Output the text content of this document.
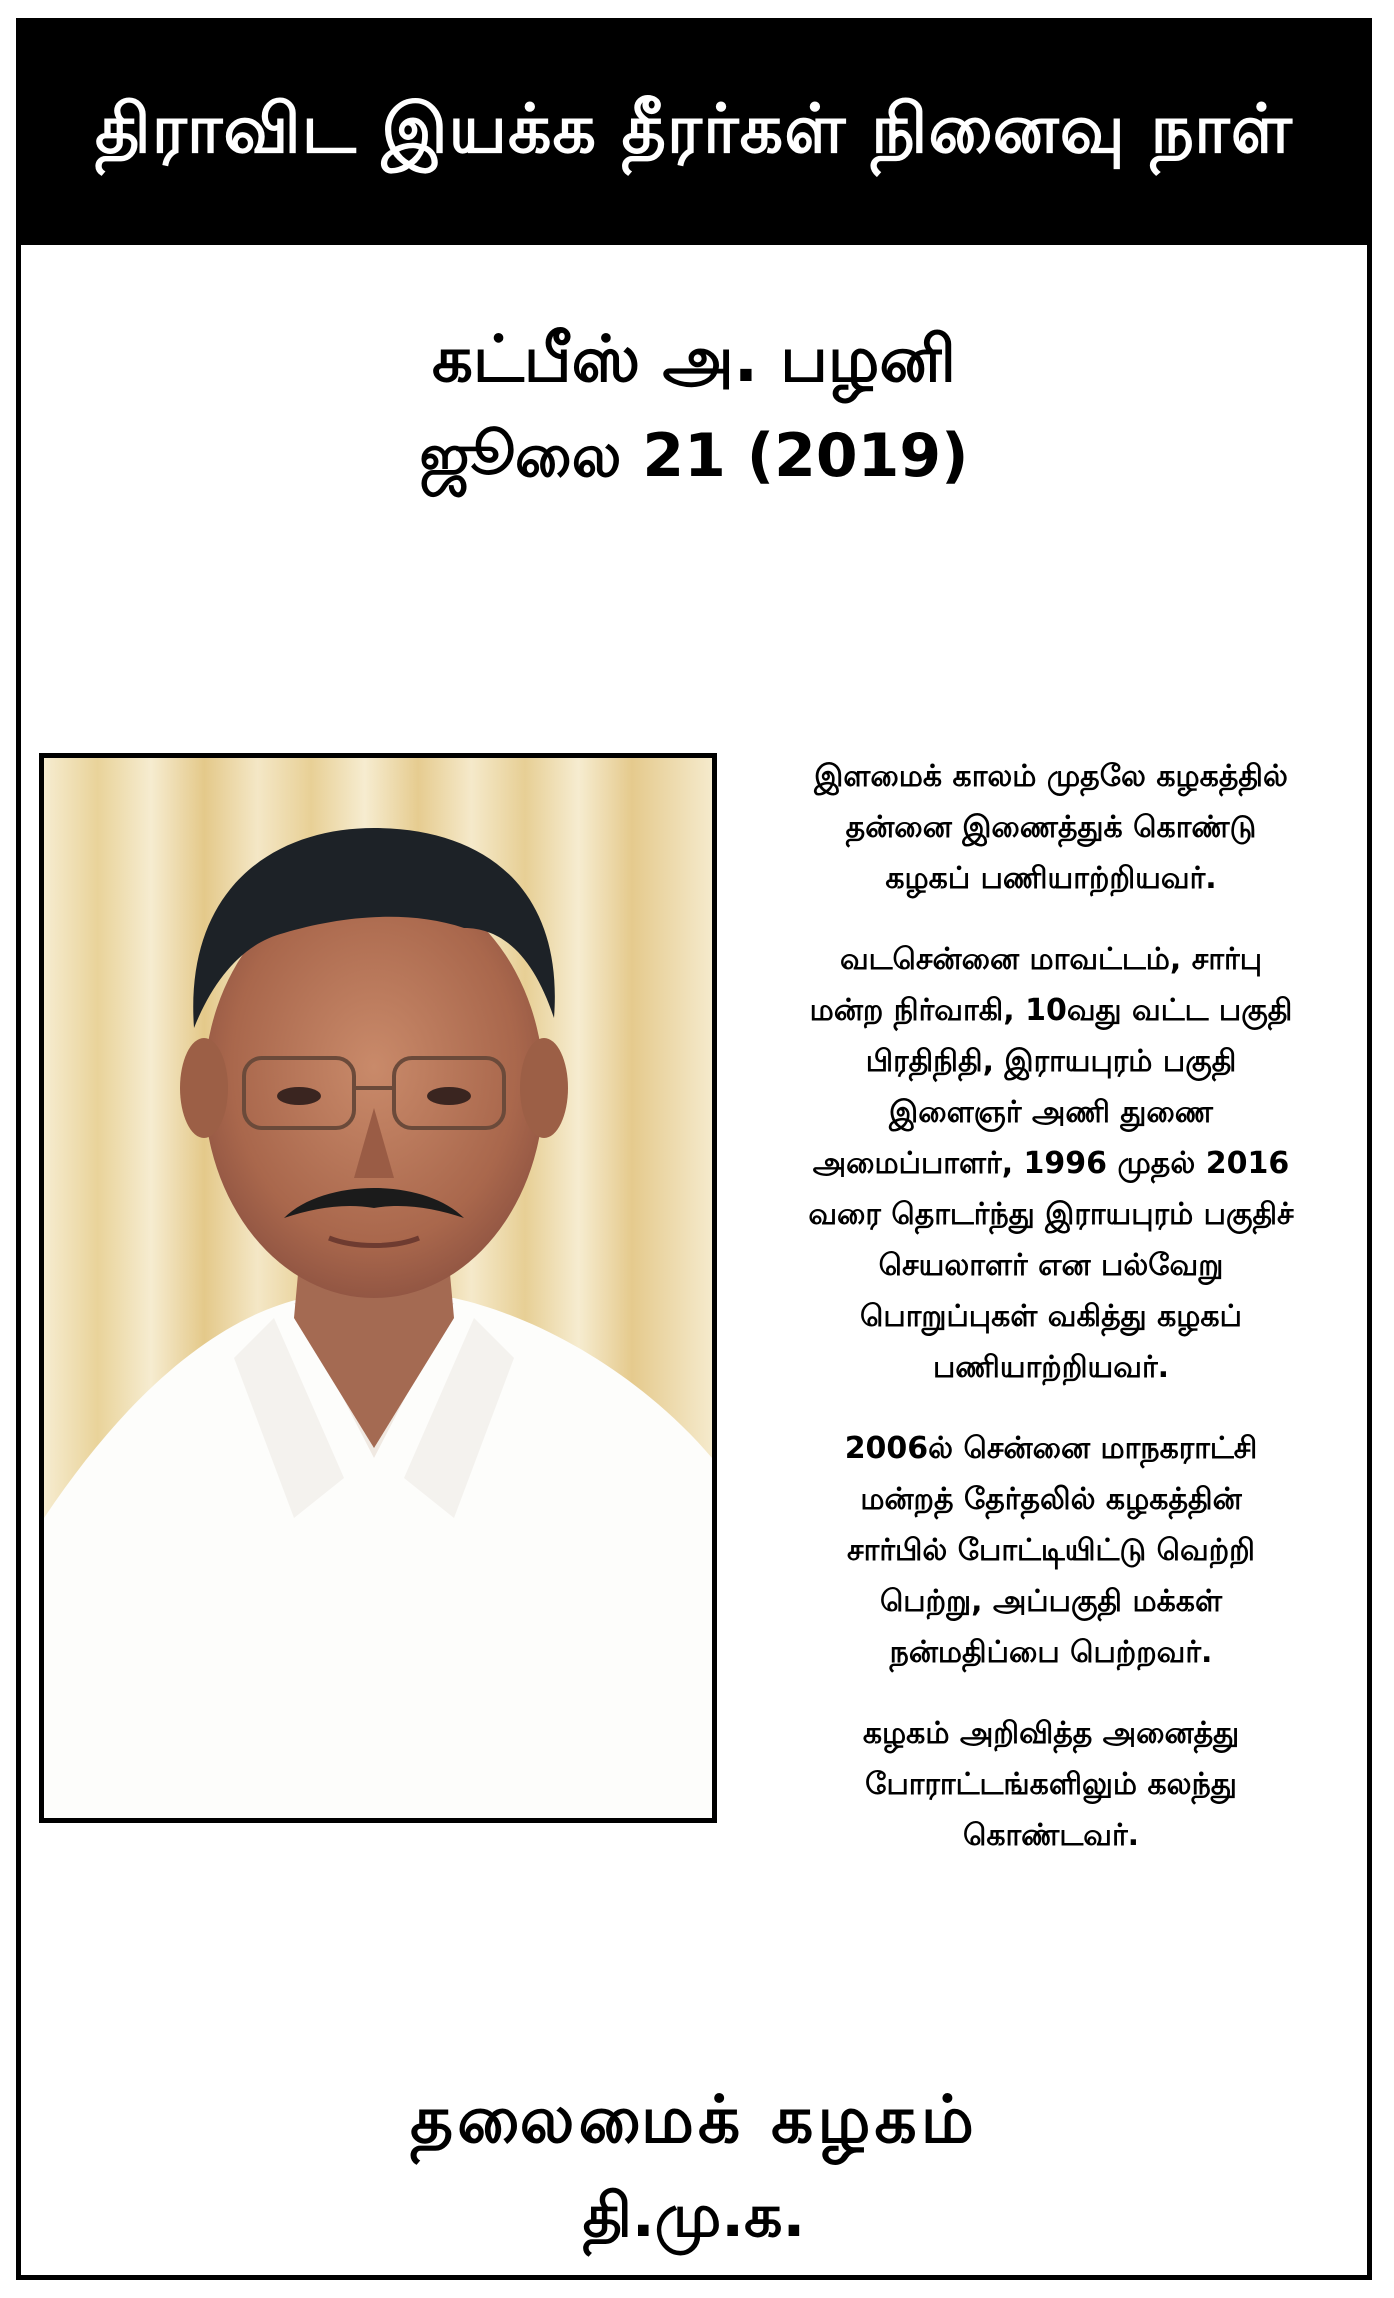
திராவிட இயக்க தீரர்கள் நினைவு நாள்
கட்பீஸ் அ. பழனி
ஜூலை 21 (2019)

இளமைக் காலம் முதலே கழகத்தில்
தன்னை இணைத்துக் கொண்டு
கழகப் பணியாற்றியவர்.

வடசென்னை மாவட்டம், சார்பு
மன்ற நிர்வாகி, 10வது வட்ட பகுதி
பிரதிநிதி, இராயபுரம் பகுதி
இளைஞர் அணி துணை
அமைப்பாளர், 1996 முதல் 2016
வரை தொடர்ந்து இராயபுரம் பகுதிச்
செயலாளர் என பல்வேறு
பொறுப்புகள் வகித்து கழகப்
பணியாற்றியவர்.

2006ல் சென்னை மாநகராட்சி
மன்றத் தேர்தலில் கழகத்தின்
சார்பில் போட்டியிட்டு வெற்றி
பெற்று, அப்பகுதி மக்கள்
நன்மதிப்பை பெற்றவர்.

கழகம் அறிவித்த அனைத்து
போராட்டங்களிலும் கலந்து
கொண்டவர்.

தலைமைக் கழகம்
தி.மு.க.
